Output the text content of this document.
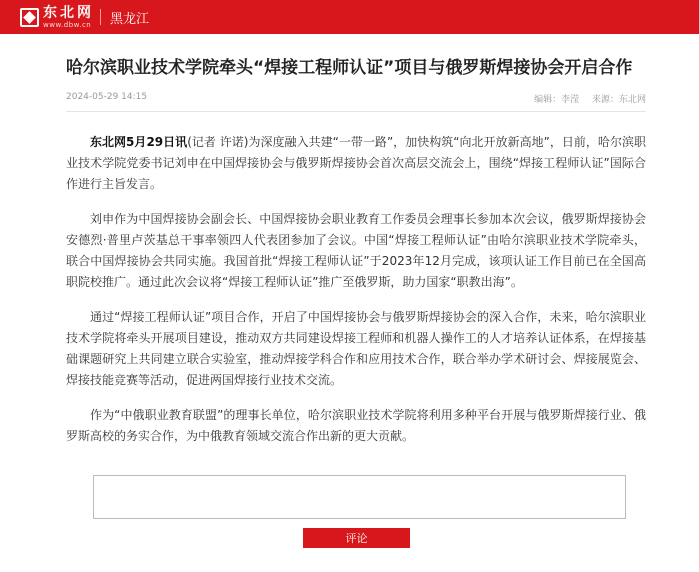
东北网
www.dbw.cn 黑龙江
哈尔滨职业技术学院牵头“焊接工程师认证”项目与俄罗斯焊接协会开启合作
2024-05-29 14:15	编辑：李滢 来源：东北网

东北网5月29日讯(记者 许诺)为深度融入共建“一带一路”，加快构筑“向北开放新高地”，日前，哈尔滨职业技术学院党委书记刘申在中国焊接协会与俄罗斯焊接协会首次高层交流会上，围绕“焊接工程师认证”国际合作进行主旨发言。

刘申作为中国焊接协会副会长、中国焊接协会职业教育工作委员会理事长参加本次会议，俄罗斯焊接协会安德烈·普里卢茨基总干事率领四人代表团参加了会议。中国“焊接工程师认证”由哈尔滨职业技术学院牵头，联合中国焊接协会共同实施。我国首批“焊接工程师认证”于2023年12月完成，该项认证工作目前已在全国高职院校推广。通过此次会议将“焊接工程师认证”推广至俄罗斯，助力国家“职教出海”。

通过“焊接工程师认证”项目合作，开启了中国焊接协会与俄罗斯焊接协会的深入合作，未来，哈尔滨职业技术学院将牵头开展项目建设，推动双方共同建设焊接工程师和机器人操作工的人才培养认证体系，在焊接基础课题研究上共同建立联合实验室，推动焊接学科合作和应用技术合作，联合举办学术研讨会、焊接展览会、焊接技能竞赛等活动，促进两国焊接行业技术交流。

作为“中俄职业教育联盟”的理事长单位，哈尔滨职业技术学院将利用多种平台开展与俄罗斯焊接行业、俄罗斯高校的务实合作，为中俄教育领域交流合作出新的更大贡献。

评论
